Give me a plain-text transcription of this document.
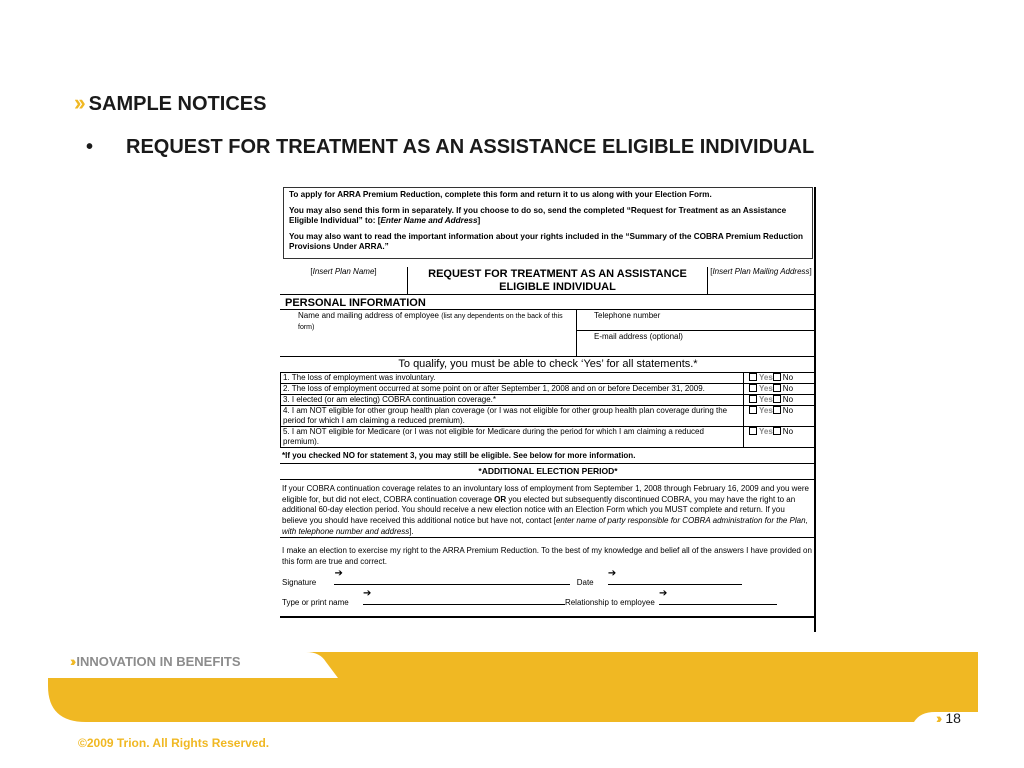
›› SAMPLE NOTICES

• REQUEST FOR TREATMENT AS AN ASSISTANCE ELIGIBLE INDIVIDUAL

To apply for ARRA Premium Reduction, complete this form and return it to us along with your Election Form.

You may also send this form in separately. If you choose to do so, send the completed “Request for Treatment as an Assistance Eligible Individual” to: [Enter Name and Address]

You may also want to read the important information about your rights included in the “Summary of the COBRA Premium Reduction Provisions Under ARRA.”

[Insert Plan Name]	REQUEST FOR TREATMENT AS AN ASSISTANCE ELIGIBLE INDIVIDUAL
[Insert Plan Mailing Address]
PERSONAL INFORMATION
Name and mailing address of employee (list any dependents on the back of this form)
Telephone number
E-mail address (optional)
To qualify, you must be able to check ‘Yes’ for all statements.*
1. The loss of employment was involuntary.	Yes No
2. The loss of employment occurred at some point on or after September 1, 2008 and on or before December 31, 2009.	Yes No
3. I elected (or am electing) COBRA continuation coverage.*	Yes No
4. I am NOT eligible for other group health plan coverage (or I was not eligible for other group health plan coverage during the period for which I am claiming a reduced premium).	Yes No
5. I am NOT eligible for Medicare (or I was not eligible for Medicare during the period for which I am claiming a reduced premium).	Yes No
*If you checked NO for statement 3, you may still be eligible. See below for more information.
*ADDITIONAL ELECTION PERIOD*
If your COBRA continuation coverage relates to an involuntary loss of employment from September 1, 2008 through February 16, 2009 and you were eligible for, but did not elect, COBRA continuation coverage OR you elected but subsequently discontinued COBRA, you may have the right to an additional 60-day election period. You should receive a new election notice with an Election Form which you MUST complete and return. If you believe you should have received this additional notice but have not, contact [enter name of party responsible for COBRA administration for the Plan, with telephone number and address].
I make an election to exercise my right to the ARRA Premium Reduction. To the best of my knowledge and belief all of the answers I have provided on this form are true and correct.
Signature
➔
Date
➔
Type or print name
➔
Relationship to employee
➔
›› INNOVATION IN BENEFITS
›› 18
©2009 Trion. All Rights Reserved.
